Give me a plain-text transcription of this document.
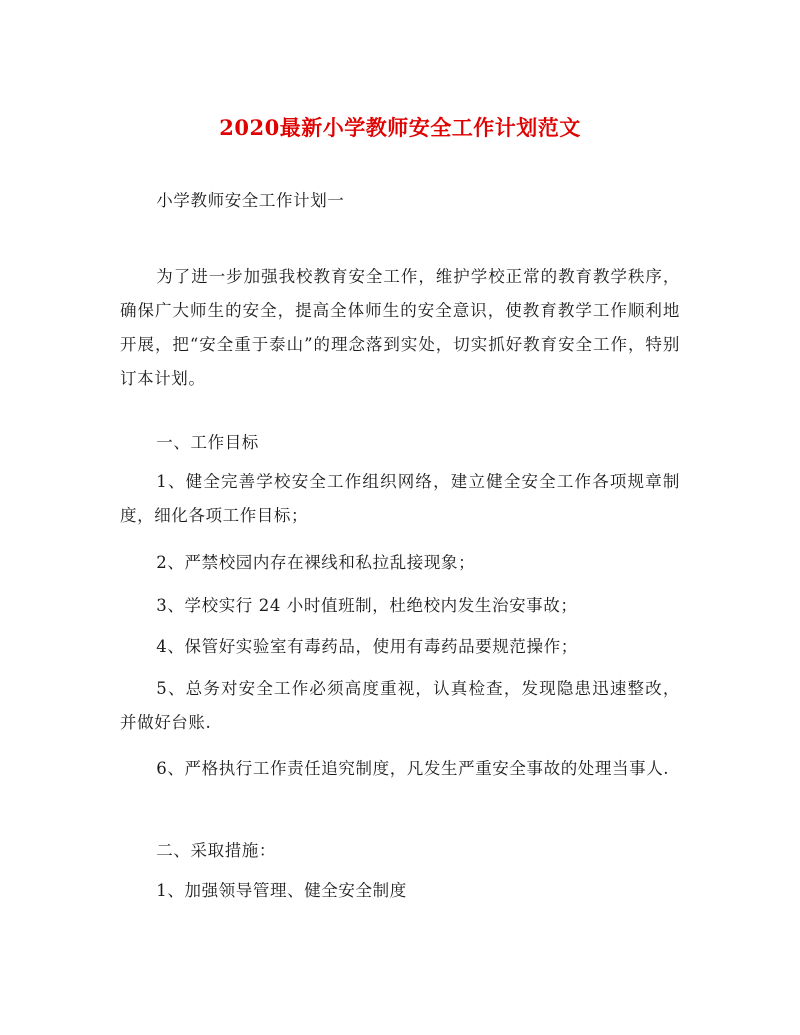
2020最新小学教师安全工作计划范文

小学教师安全工作计划一

为了进一步加强我校教育安全工作，维护学校正常的教育教学秩序，确保广大师生的安全，提高全体师生的安全意识，使教育教学工作顺利地开展，把“安全重于泰山”的理念落到实处，切实抓好教育安全工作，特别订本计划。

一、工作目标

1、健全完善学校安全工作组织网络，建立健全安全工作各项规章制度，细化各项工作目标；

2、严禁校园内存在裸线和私拉乱接现象；

3、学校实行 24 小时值班制，杜绝校内发生治安事故；

4、保管好实验室有毒药品，使用有毒药品要规范操作；

5、总务对安全工作必须高度重视，认真检查，发现隐患迅速整改，并做好台账.

6、严格执行工作责任追究制度，凡发生严重安全事故的处理当事人.

二、采取措施：

1、加强领导管理、健全安全制度
